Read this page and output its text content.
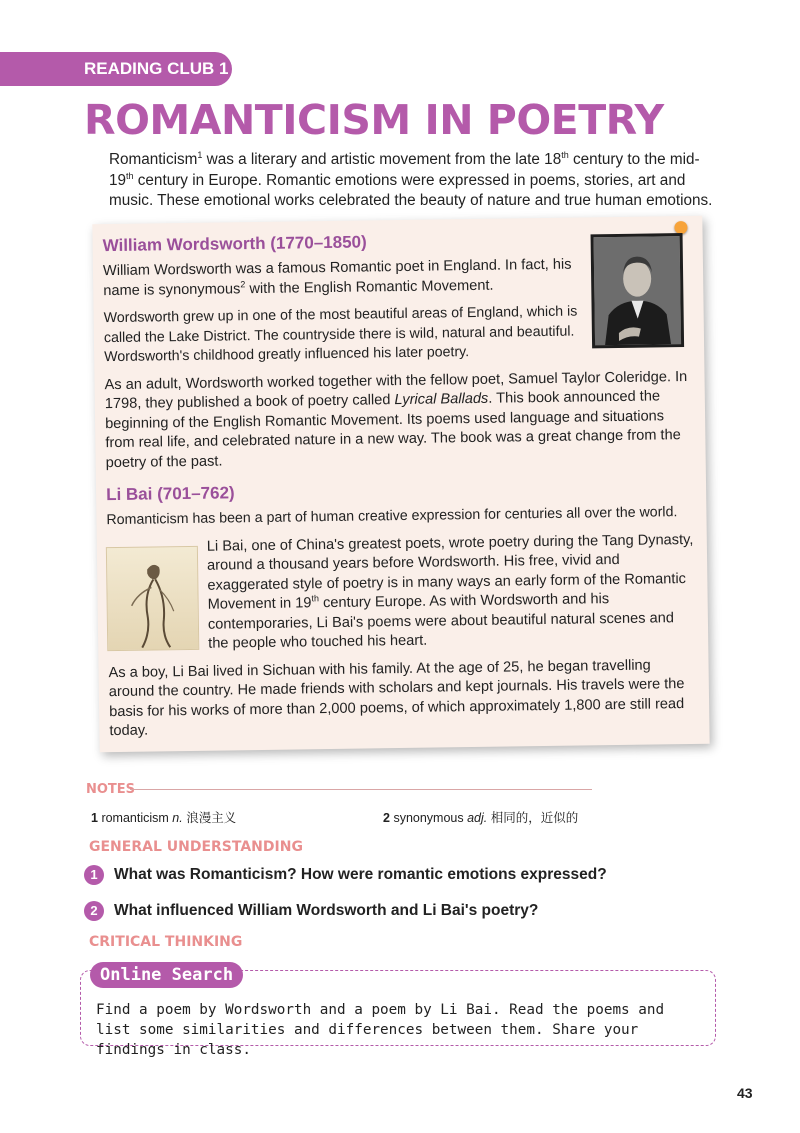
READING CLUB 1
ROMANTICISM IN POETRY
Romanticism$^1$ was a literary and artistic movement from the late 18th century to the mid-19th century in Europe. Romantic emotions were expressed in poems, stories, art and music. These emotional works celebrated the beauty of nature and true human emotions.
William Wordsworth (1770–1850)

William Wordsworth was a famous Romantic poet in England. In fact, his name is synonymous$^2$ with the English Romantic Movement.

Wordsworth grew up in one of the most beautiful areas of England, which is called the Lake District. The countryside there is wild, natural and beautiful. Wordsworth's childhood greatly influenced his later poetry.

As an adult, Wordsworth worked together with the fellow poet, Samuel Taylor Coleridge. In 1798, they published a book of poetry called Lyrical Ballads. This book announced the beginning of the English Romantic Movement. Its poems used language and situations from real life, and celebrated nature in a new way. The book was a great change from the poetry of the past.

Li Bai (701–762)

Romanticism has been a part of human creative expression for centuries all over the world.

Li Bai, one of China's greatest poets, wrote poetry during the Tang Dynasty, around a thousand years before Wordsworth. His free, vivid and exaggerated style of poetry is in many ways an early form of the Romantic Movement in 19th century Europe. As with Wordsworth and his contemporaries, Li Bai's poems were about beautiful natural scenes and the people who touched his heart.

As a boy, Li Bai lived in Sichuan with his family. At the age of 25, he began travelling around the country. He made friends with scholars and kept journals. His travels were the basis for his works of more than 2,000 poems, of which approximately 1,800 are still read today.

NOTES
1 romanticism n. 浪漫主义	2 synonymous adj. 相同的，近似的
GENERAL UNDERSTANDING
1	What was Romanticism? How were romantic emotions expressed?
2	What influenced William Wordsworth and Li Bai's poetry?
CRITICAL THINKING
Online Search
Find a poem by Wordsworth and a poem by Li Bai. Read the poems and list some similarities and differences between them. Share your findings in class.
43
